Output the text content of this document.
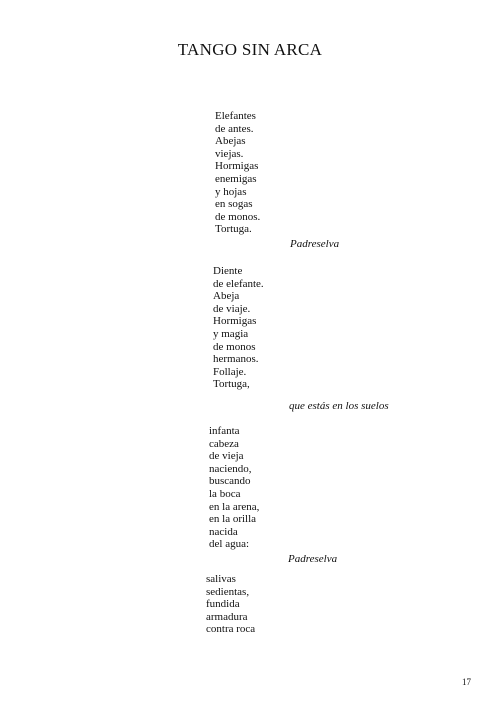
TANGO SIN ARCA
Elefantes
de antes.
Abejas
viejas.
Hormigas
enemigas
y hojas
en sogas
de monos.
Tortuga.
Padreselva
Diente
de elefante.
Abeja
de viaje.
Hormigas
y magia
de monos
hermanos.
Follaje.
Tortuga,
que estás en los suelos
infanta
cabeza
de vieja
naciendo,
buscando
la boca
en la arena,
en la orilla
nacida
del agua:
Padreselva
salivas
sedientas,
fundida
armadura
contra roca
17
